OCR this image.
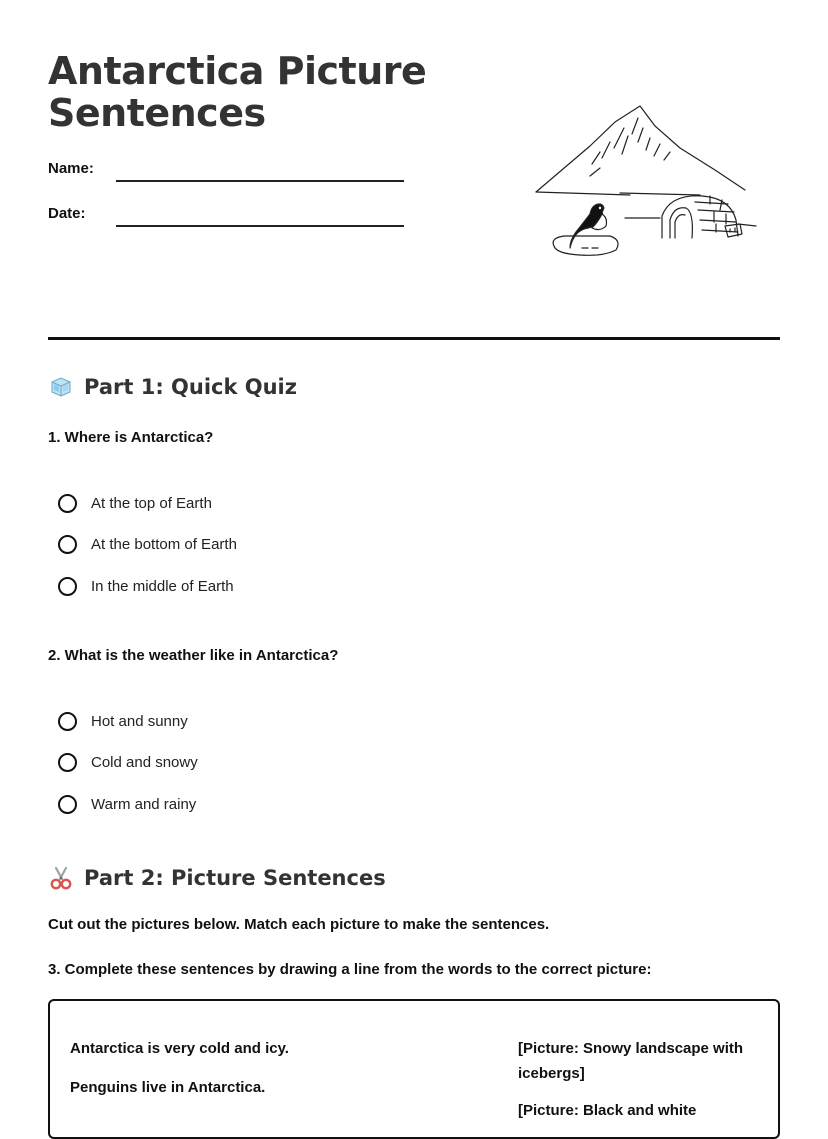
Antarctica Picture
Sentences
Name:
Date:
Part 1: Quick Quiz
1. Where is Antarctica?
At the top of Earth
At the bottom of Earth
In the middle of Earth
2. What is the weather like in Antarctica?
Hot and sunny
Cold and snowy
Warm and rainy
Part 2: Picture Sentences
Cut out the pictures below. Match each picture to make the sentences.
3. Complete these sentences by drawing a line from the words to the correct picture:
Antarctica is very cold and icy.
Penguins live in Antarctica.
[Picture: Snowy landscape with icebergs]
[Picture: Black and white
